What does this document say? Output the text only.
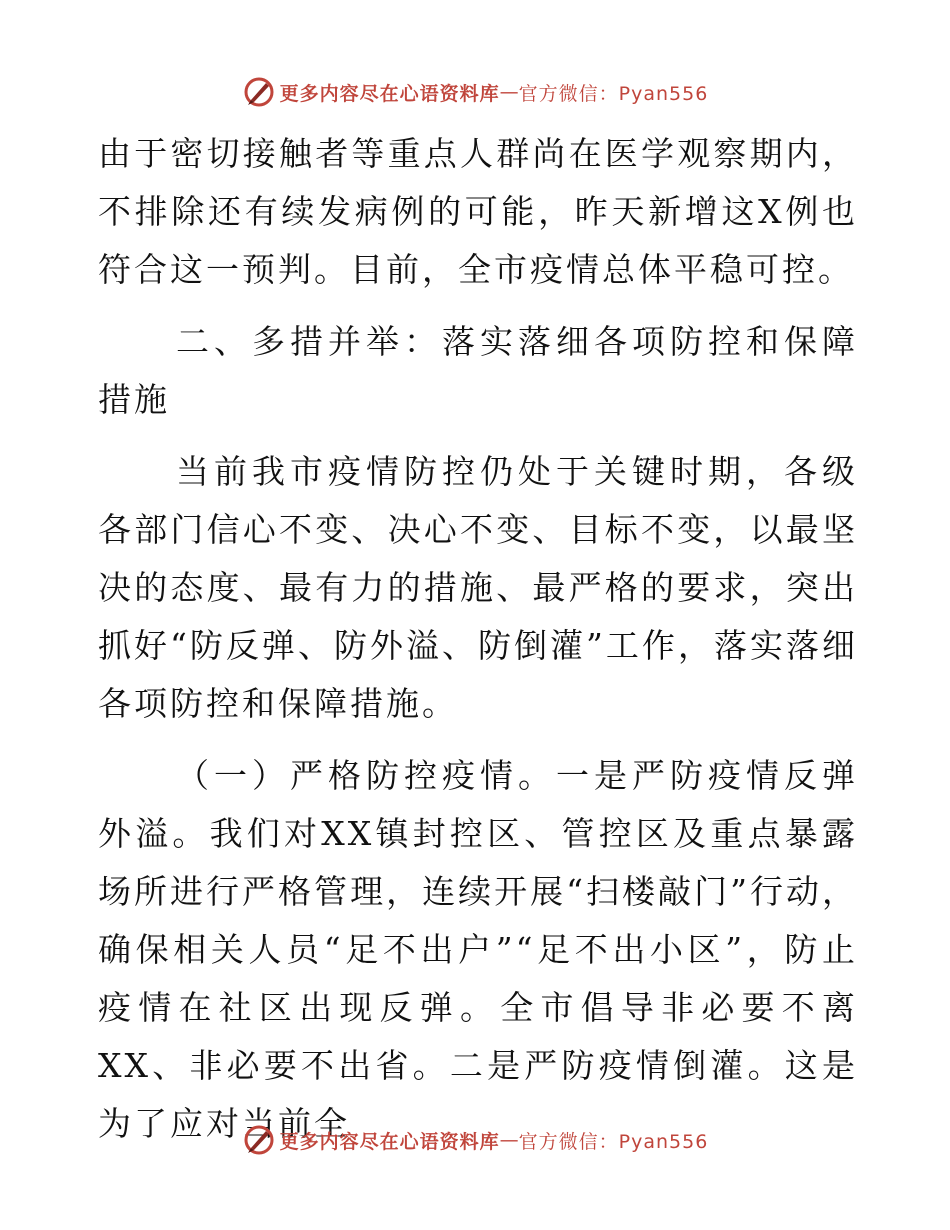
更多内容尽在心语资料库 — 官方微信：Pyan556

由于密切接触者等重点人群尚在医学观察期内，不排除还有续发病例的可能，昨天新增这X例也符合这一预判。目前，全市疫情总体平稳可控。

二、多措并举：落实落细各项防控和保障措施

当前我市疫情防控仍处于关键时期，各级各部门信心不变、决心不变、目标不变，以最坚决的态度、最有力的措施、最严格的要求，突出抓好“防反弹、防外溢、防倒灌”工作，落实落细各项防控和保障措施。

（一）严格防控疫情。一是严防疫情反弹外溢。我们对XX镇封控区、管控区及重点暴露场所进行严格管理，连续开展“扫楼敲门”行动，确保相关人员“足不出户”“足不出小区”，防止疫情在社区出现反弹。全市倡导非必要不离XX、非必要不出省。二是严防疫情倒灌。这是为了应对当前全

更多内容尽在心语资料库 — 官方微信：Pyan556
